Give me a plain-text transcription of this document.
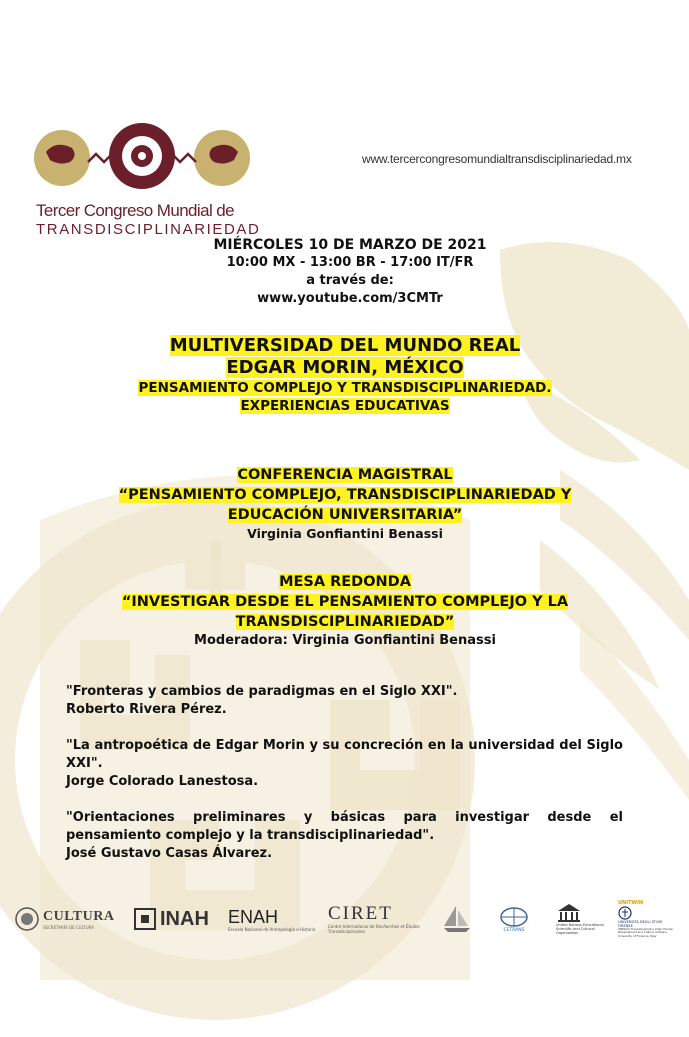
Tercer Congreso Mundial de
TRANSDISCIPLINARIEDAD
www.tercercongresomundialtransdisciplinariedad.mx
MIÉRCOLES 10 DE MARZO DE 2021
10:00 MX - 13:00 BR - 17:00 IT/FR
a través de:
www.youtube.com/3CMTr
MULTIVERSIDAD DEL MUNDO REAL
EDGAR MORIN, MÉXICO
PENSAMIENTO COMPLEJO Y TRANSDISCIPLINARIEDAD.
EXPERIENCIAS EDUCATIVAS
CONFERENCIA MAGISTRAL
“PENSAMIENTO COMPLEJO, TRANSDISCIPLINARIEDAD Y
EDUCACIÓN UNIVERSITARIA”
Virginia Gonfiantini Benassi
MESA REDONDA
“INVESTIGAR DESDE EL PENSAMIENTO COMPLEJO Y LA
TRANSDISCIPLINARIEDAD”
Moderadora: Virginia Gonfiantini Benassi
"Fronteras y cambios de paradigmas en el Siglo XXI".
Roberto Rivera Pérez.
"La antropoética de Edgar Morin y su concreción en la universidad del Siglo XXI".
Jorge Colorado Lanestosa.
"Orientaciones preliminares y básicas para investigar desde el pensamiento complejo y la transdisciplinariedad".
José Gustavo Casas Álvarez.
CULTURA
SECRETARÍA DE CULTURA	INAH ENAH
Escuela Nacional de Antropología e Historia
CIRET
Centre International de Recherches et Études Transdisciplinaires	CETRANS
United Nations Educational, Scientific and Cultural Organization
UNITWIN
UNIVERSITÀ DEGLI STUDI FIRENZE
UNESCO Transdisciplinary Chair Human Development and Culture of Peace University of Florence, Italy
